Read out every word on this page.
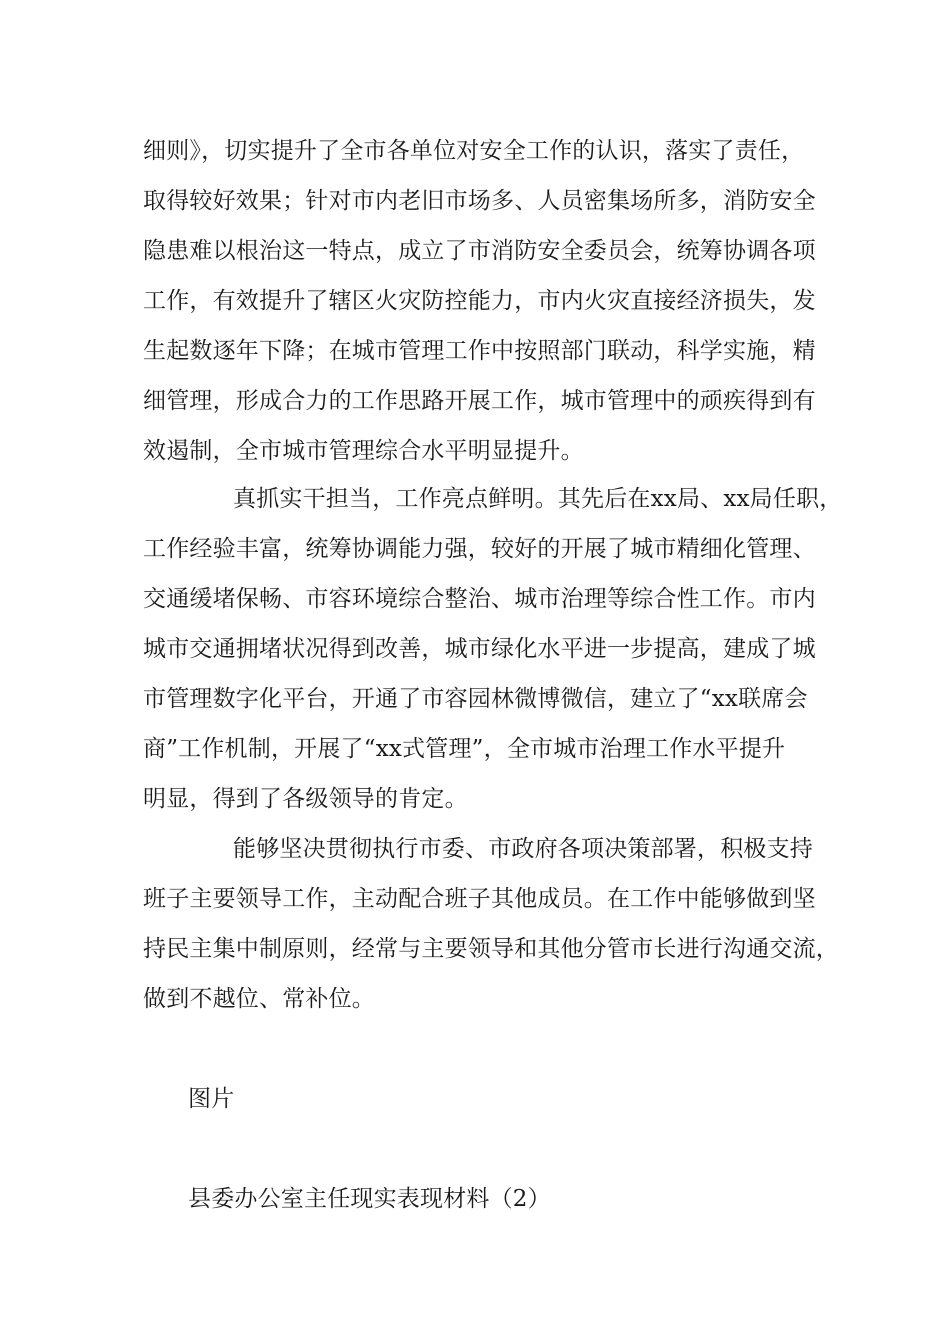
细则》，切实提升了全市各单位对安全工作的认识，落实了责任，
取得较好效果；针对市内老旧市场多、人员密集场所多，消防安全
隐患难以根治这一特点，成立了市消防安全委员会，统筹协调各项
工作，有效提升了辖区火灾防控能力，市内火灾直接经济损失，发
生起数逐年下降；在城市管理工作中按照部门联动，科学实施，精
细管理，形成合力的工作思路开展工作，城市管理中的顽疾得到有
效遏制，全市城市管理综合水平明显提升。
真抓实干担当，工作亮点鲜明。其先后在xx局、xx局任职，
工作经验丰富，统筹协调能力强，较好的开展了城市精细化管理、
交通缓堵保畅、市容环境综合整治、城市治理等综合性工作。市内
城市交通拥堵状况得到改善，城市绿化水平进一步提高，建成了城
市管理数字化平台，开通了市容园林微博微信，建立了“xx联席会
商”工作机制，开展了“xx式管理”，全市城市治理工作水平提升
明显，得到了各级领导的肯定。
能够坚决贯彻执行市委、市政府各项决策部署，积极支持
班子主要领导工作，主动配合班子其他成员。在工作中能够做到坚
持民主集中制原则，经常与主要领导和其他分管市长进行沟通交流，
做到不越位、常补位。
图片
县委办公室主任现实表现材料（2）
